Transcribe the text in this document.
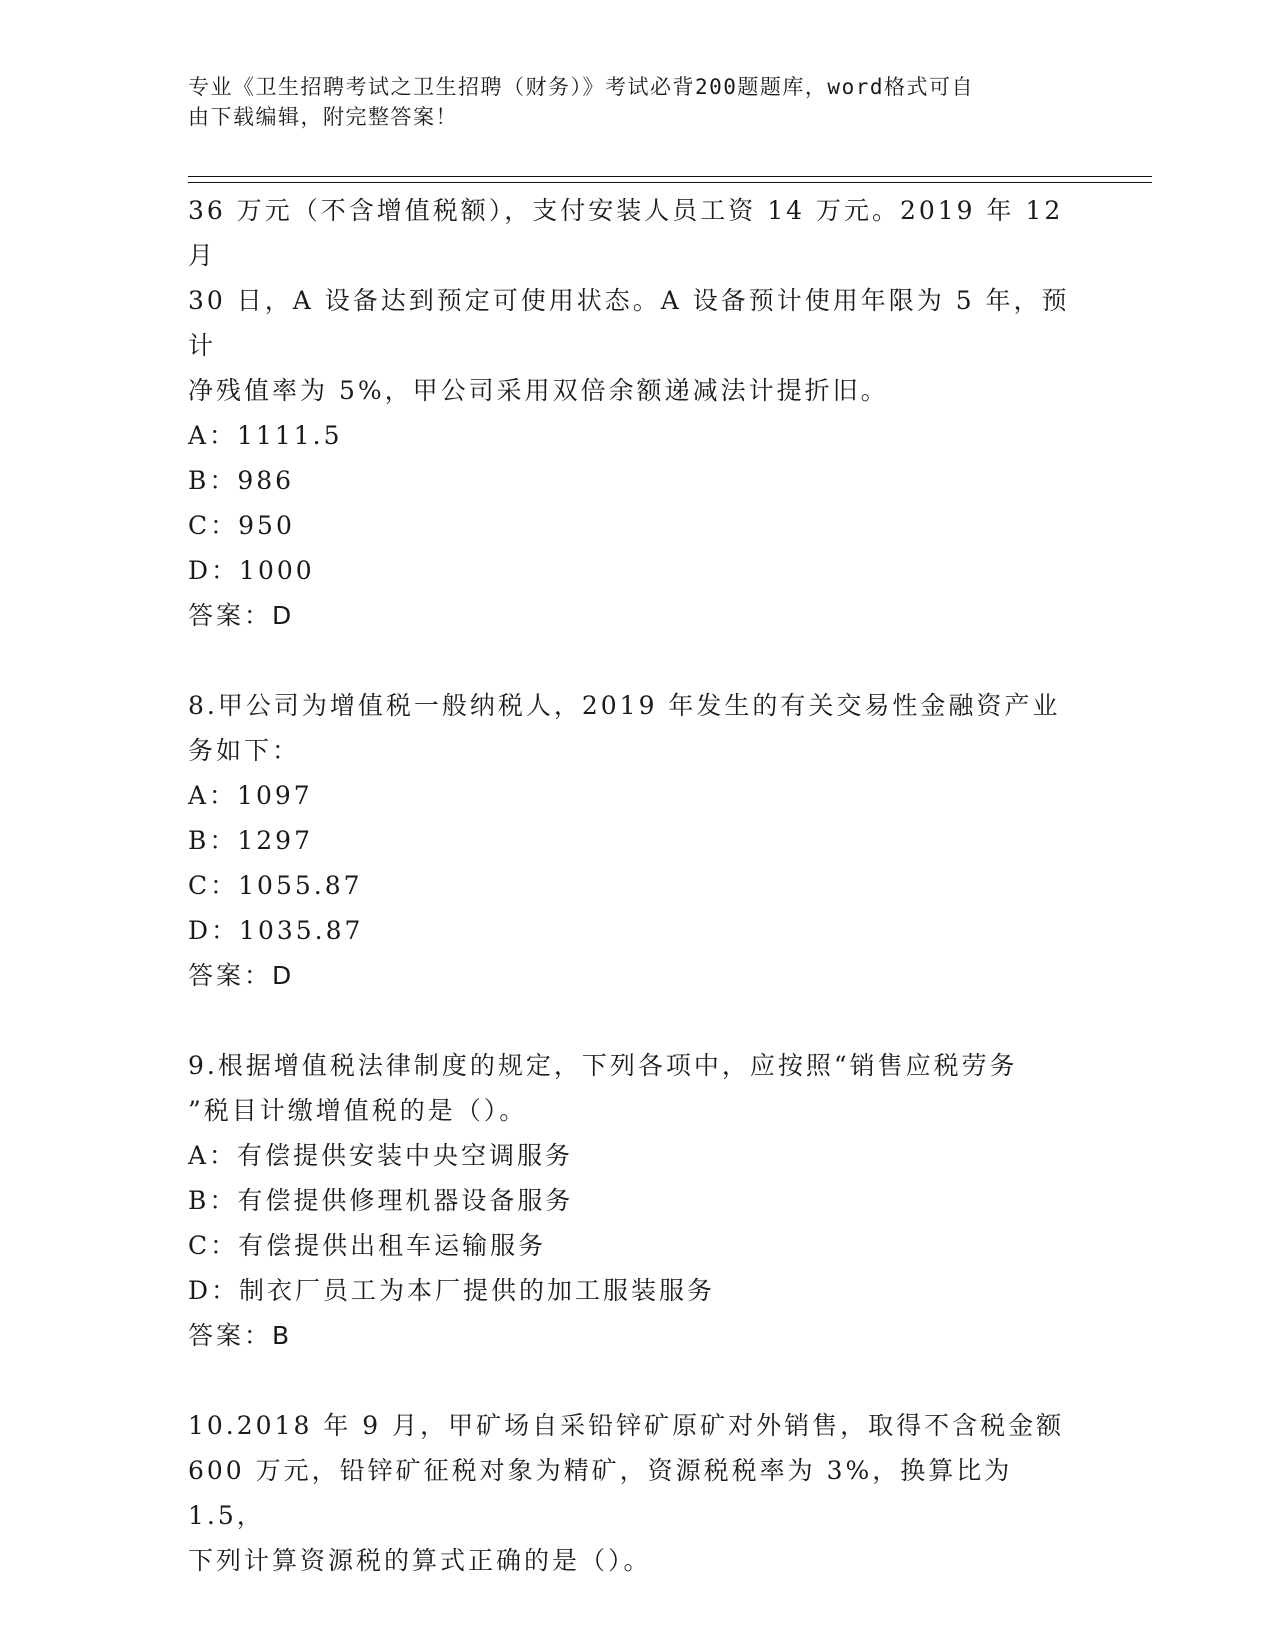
专业《卫生招聘考试之卫生招聘（财务）》考试必背200题题库，word格式可自
由下载编辑，附完整答案！

36 万元（不含增值税额），支付安装人员工资 14 万元。2019 年 12 月

30 日，A 设备达到预定可使用状态。A 设备预计使用年限为 5 年，预计

净残值率为 5%，甲公司采用双倍余额递减法计提折旧。

A：1111.5

B：986

C：950

D：1000

答案：D

8.甲公司为增值税一般纳税人，2019 年发生的有关交易性金融资产业

务如下：

A：1097

B：1297

C：1055.87

D：1035.87

答案：D

9.根据增值税法律制度的规定，下列各项中，应按照“销售应税劳务

”税目计缴增值税的是（）。

A：有偿提供安装中央空调服务

B：有偿提供修理机器设备服务

C：有偿提供出租车运输服务

D：制衣厂员工为本厂提供的加工服装服务

答案：B

10.2018 年 9 月，甲矿场自采铅锌矿原矿对外销售，取得不含税金额

600 万元，铅锌矿征税对象为精矿，资源税税率为 3%，换算比为 1.5，

下列计算资源税的算式正确的是（）。
